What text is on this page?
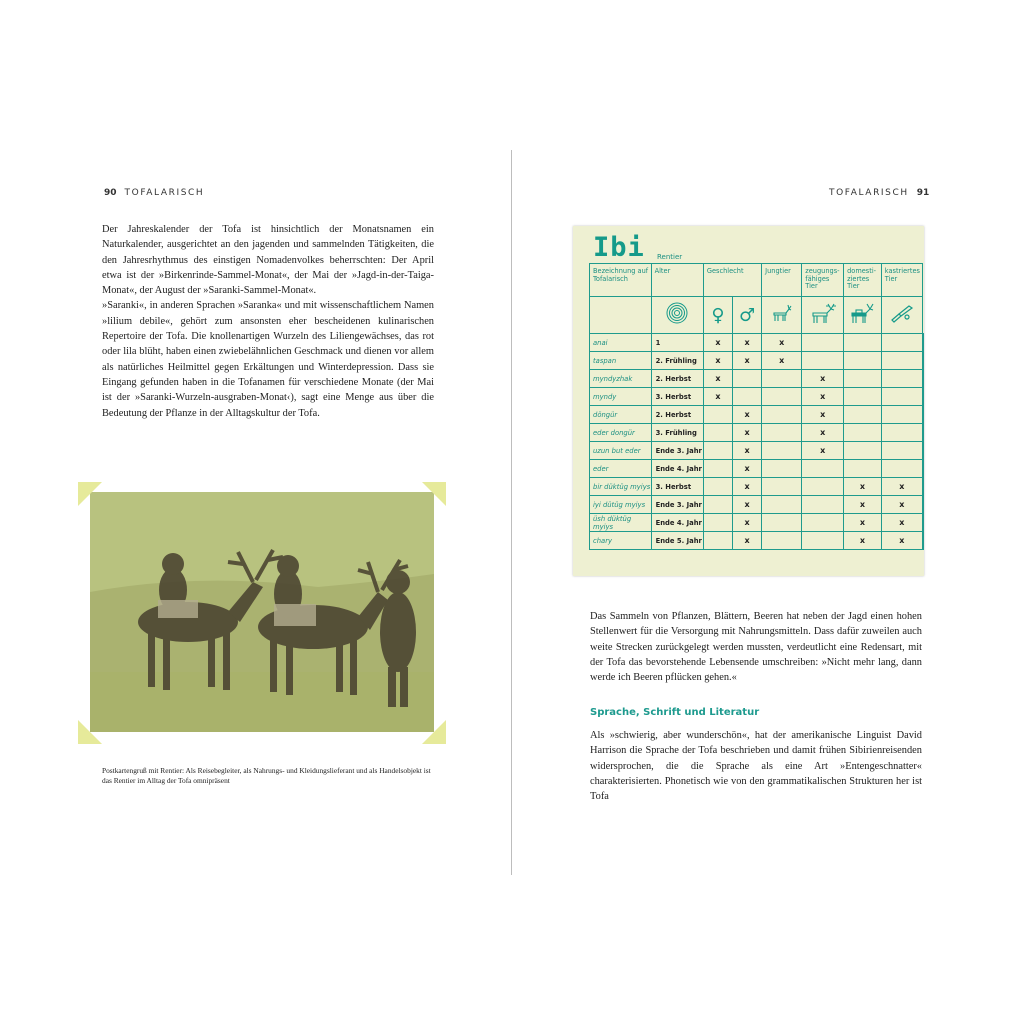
90 TOFALARISCH

Der Jahreskalender der Tofa ist hinsichtlich der Monatsnamen ein Naturkalender, ausgerichtet an den jagenden und sammelnden Tätigkeiten, die den Jahresrhythmus des einstigen Nomadenvolkes beherrschten: Der April etwa ist der »Birkenrinde-Sammel-Monat«, der Mai der »Jagd-in-der-Taiga-Monat«, der August der »Saranki-Sammel-Monat«.

»Saranki«, in anderen Sprachen »Saranka« und mit wissenschaftlichem Namen »lilium debile«, gehört zum ansonsten eher bescheidenen kulinarischen Repertoire der Tofa. Die knollenartigen Wurzeln des Liliengewächses, das rot oder lila blüht, haben einen zwiebelähnlichen Geschmack und dienen vor allem als natürliches Heilmittel gegen Erkältungen und Winterdepression. Dass sie Eingang gefunden haben in die Tofanamen für verschiedene Monate (der Mai ist der »Saranki-Wurzeln-ausgraben-Monat‹), sagt eine Menge aus über die Bedeutung der Pflanze in der Alltagskultur der Tofa.

Postkartengruß mit Rentier: Als Reisebegleiter, als Nahrungs- und Kleidungslieferant und als Handelsobjekt ist das Rentier im Alltag der Tofa omnipräsent
TOFALARISCH 91
Ibi Rentier
Bezeichnung auf Tofalarisch	Alter	Geschlecht		Jungtier	zeugungs-fähiges Tier	domesti-ziertes Tier	kastriertes Tier	
		♀	♂				
anai	1	x	x	x				
taspan	2. Frühling	x	x	x				
myndyzhak	2. Herbst	x			x			
myndy	3. Herbst	x			x			
döngür	2. Herbst		x		x			
eder dongür	3. Frühling		x		x			
uzun but eder	Ende 3. Jahr		x		x			
eder	Ende 4. Jahr		x					
bir düktüg myiys	3. Herbst		x			x	x	
iyi dütüg myiys	Ende 3. Jahr		x			x	x	
üsh düktüg myiys	Ende 4. Jahr		x			x	x	
chary	Ende 5. Jahr		x			x	x	
Das Sammeln von Pflanzen, Blättern, Beeren hat neben der Jagd einen hohen Stellenwert für die Versorgung mit Nahrungsmitteln. Dass dafür zuweilen auch weite Strecken zurückgelegt werden mussten, verdeutlicht eine Redensart, mit der Tofa das bevorstehende Lebensende umschreiben: »Nicht mehr lang, dann werde ich Beeren pflücken gehen.«
Sprache, Schrift und Literatur
Als »schwierig, aber wunderschön«, hat der amerikanische Linguist David Harrison die Sprache der Tofa beschrieben und damit frühen Sibirienreisenden widersprochen, die die Sprache als eine Art »Entengeschnatter« charakterisierten. Phonetisch wie von den grammatikalischen Strukturen her ist Tofa
